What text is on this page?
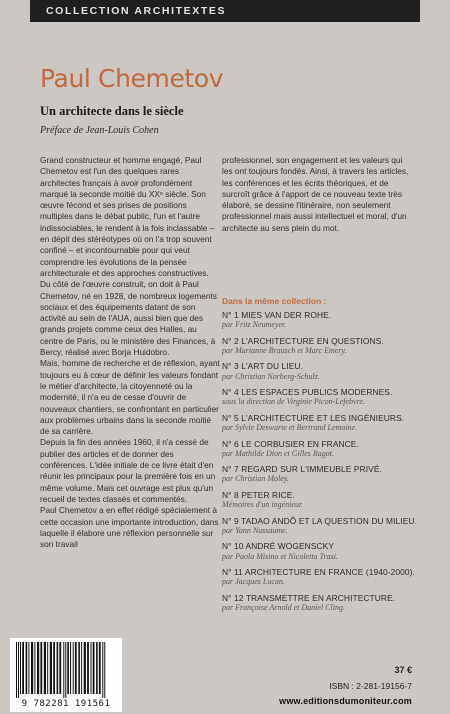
COLLECTION ARCHITEXTES
Paul Chemetov
Un architecte dans le siècle
Préface de Jean-Louis Cohen

Grand constructeur et homme engagé, Paul Chemetov est l'un des quelques rares architectes français à avoir profondément marqué la seconde moitié du XXᵉ siècle. Son œuvre fécond et ses prises de positions multiples dans le débat public, l'un et l'autre indissociables, le rendent à la fois inclassable – en dépit des stéréotypes où on l'a trop souvent confiné – et incontournable pour qui veut comprendre les évolutions de la pensée architecturale et des approches constructives.

Du côté de l'œuvre construit, on doit à Paul Chemetov, né en 1928, de nombreux logements sociaux et des équipements datant de son activité au sein de l'AUA, aussi bien que des grands projets comme ceux des Halles, au centre de Paris, ou le ministère des Finances, à Bercy, réalisé avec Borja Huidobro.

Mais, homme de recherche et de réflexion, ayant toujours eu à cœur de définir les valeurs fondant le métier d'architecte, la citoyenneté ou la modernité, il n'a eu de cesse d'ouvrir de nouveaux chantiers, se confrontant en particulier aux problèmes urbains dans la seconde moitié de sa carrière.

Depuis la fin des années 1960, il n'a cessé de publier des articles et de donner des conférences. L'idée initiale de ce livre était d'en réunir les principaux pour la première fois en un même volume. Mais cet ouvrage est plus qu'un recueil de textes classés et commentés.

Paul Chemetov a en effet rédigé spécialement à cette occasion une importante introduction, dans laquelle il élabore une réflexion personnelle sur son travail

professionnel, son engagement et les valeurs qui les ont toujours fondés. Ainsi, à travers les articles, les conférences et les écrits théoriques, et de surcroît grâce à l'apport de ce nouveau texte très élaboré, se dessine l'itinéraire, non seulement professionnel mais aussi intellectuel et moral, d'un architecte au sens plein du mot.

Dans la même collection :
N° 1 MIES VAN DER ROHE.
par Fritz Neumeyer.
N° 2 L'ARCHITECTURE EN QUESTIONS.
par Marianne Brausch et Marc Emery.
N° 3 L'ART DU LIEU.
par Christian Norberg-Schulz.
N° 4 LES ESPACES PUBLICS MODERNES.
sous la direction de Virginie Picon-Lefebvre.
N° 5 L'ARCHITECTURE ET LES INGÉNIEURS.
par Sylvie Deswarte et Bertrand Lemoine.
N° 6 LE CORBUSIER EN FRANCE.
par Mathilde Dion et Gilles Ragot.
N° 7 REGARD SUR L'IMMEUBLE PRIVÉ.
par Christian Moley.
N° 8 PETER RICE.
Mémoires d'un ingénieur.
N° 9 TADAO ANDÔ ET LA QUESTION DU MILIEU.
par Yann Nussaume.
N° 10 ANDRÉ WOGENSCKY
par Paola Misino et Nicoletta Trasi.
N° 11 ARCHITECTURE EN FRANCE (1940-2000).
par Jacques Lucan.
N° 12 TRANSMETTRE EN ARCHITECTURE.
par Françoise Arnold et Daniel Cling.
37 €
ISBN : 2-281-19156-7
www.editionsdumoniteur.com
9 782281 191561
